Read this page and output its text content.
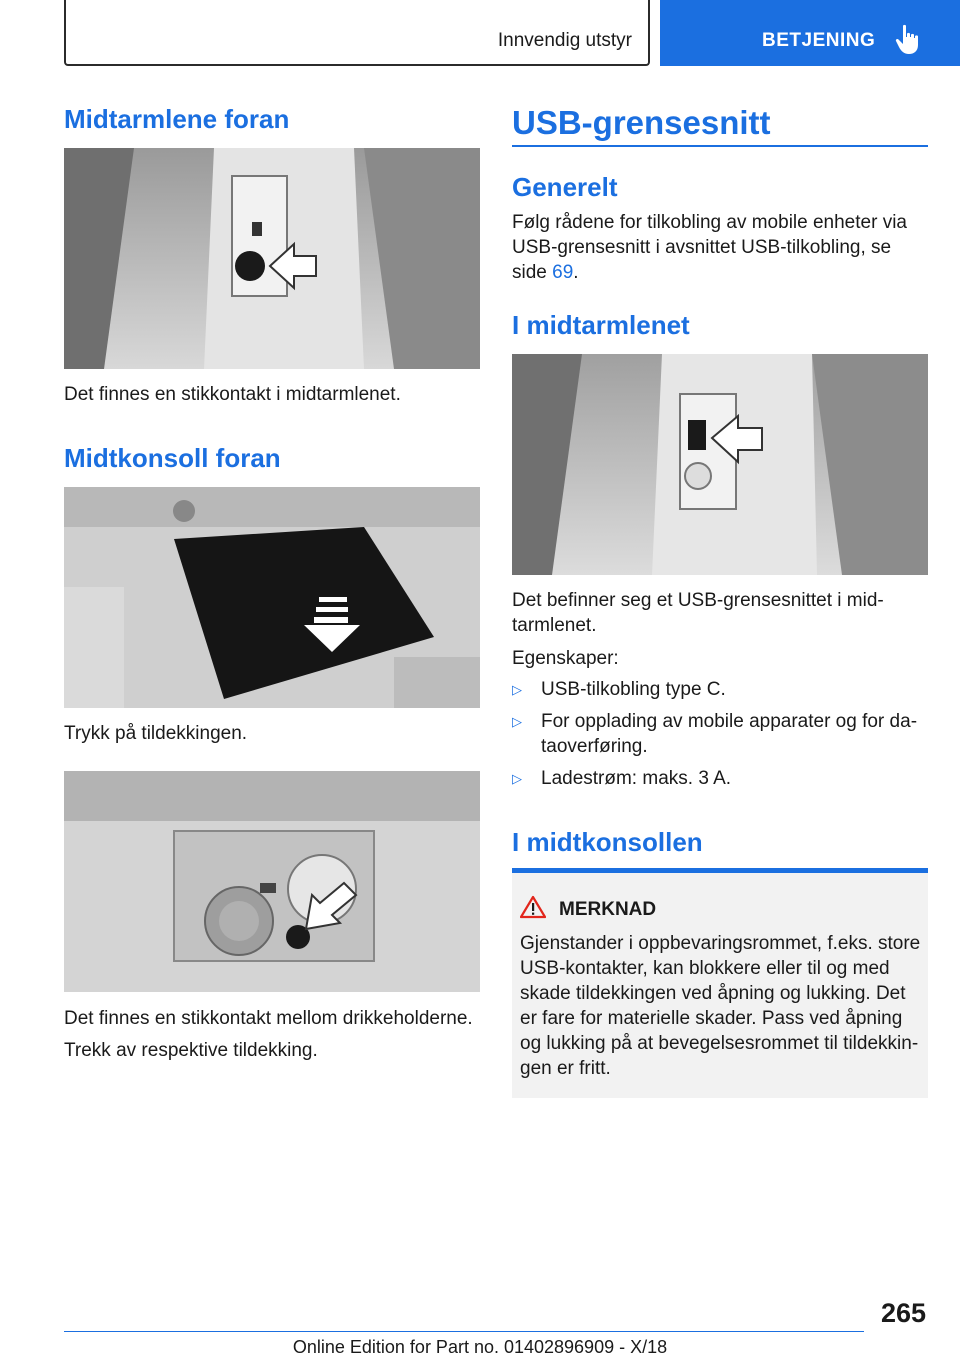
Innvendig utstyr	BETJENING
Midtarmlene foran
Det finnes en stikkontakt i midtarmlenet.
Midtkonsoll foran
Trykk på tildekkingen.
Det finnes en stikkontakt mellom drikkeholderne.
Trekk av respektive tildekking.
USB-grensesnitt
Generelt
Følg rådene for tilkobling av mobile enheter via USB-grensesnitt i avsnittet USB-tilkobling, se side 69.
I midtarmlenet
Det befinner seg et USB-grensesnittet i midtarmlenet.
Egenskaper:
▷ USB-tilkobling type C.
▷ For opplading av mobile apparater og for dataoverføring.
▷ Ladestrøm: maks. 3 A.
I midtkonsollen
MERKNAD
Gjenstander i oppbevaringsrommet, f.eks. store USB-kontakter, kan blokkere eller til og med skade tildekkingen ved åpning og lukking. Det er fare for materielle skader. Pass ved åpning og lukking på at bevegelsesrommet til tildekkingen er fritt.
265
Online Edition for Part no. 01402896909 - X/18
